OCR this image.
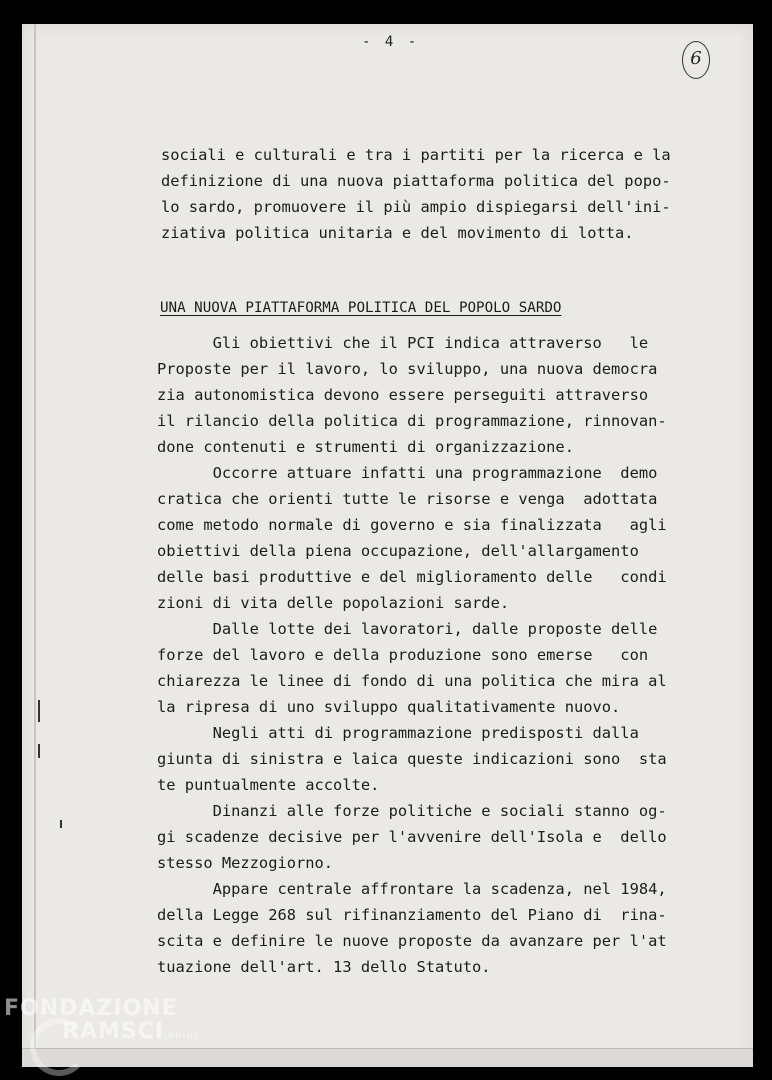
- 4 -
6
sociali e culturali e tra i partiti per la ricerca e la
definizione di una nuova piattaforma politica del popo-
lo sardo, promuovere il più ampio dispiegarsi dell'ini-
ziativa politica unitaria e del movimento di lotta.
UNA NUOVA PIATTAFORMA POLITICA DEL POPOLO SARDO
Gli obiettivi che il PCI indica attraverso   le
Proposte per il lavoro, lo sviluppo, una nuova democra
zia autonomistica devono essere perseguiti attraverso
il rilancio della politica di programmazione, rinnovan-
done contenuti e strumenti di organizzazione.
Occorre attuare infatti una programmazione  demo
cratica che orienti tutte le risorse e venga  adottata
come metodo normale di governo e sia finalizzata   agli
obiettivi della piena occupazione, dell'allargamento
delle basi produttive e del miglioramento delle   condi
zioni di vita delle popolazioni sarde.
Dalle lotte dei lavoratori, dalle proposte delle
forze del lavoro e della produzione sono emerse   con
chiarezza le linee di fondo di una politica che mira al
la ripresa di uno sviluppo qualitativamente nuovo.
Negli atti di programmazione predisposti dalla
giunta di sinistra e laica queste indicazioni sono  sta
te puntualmente accolte.
Dinanzi alle forze politiche e sociali stanno og-
gi scadenze decisive per l'avvenire dell'Isola e  dello
stesso Mezzogiorno.
Appare centrale affrontare la scadenza, nel 1984,
della Legge 268 sul rifinanziamento del Piano di  rina-
scita e definire le nuove proposte da avanzare per l'at
tuazione dell'art. 13 dello Statuto.
FONDAZIONE
RAMSCI onlus
